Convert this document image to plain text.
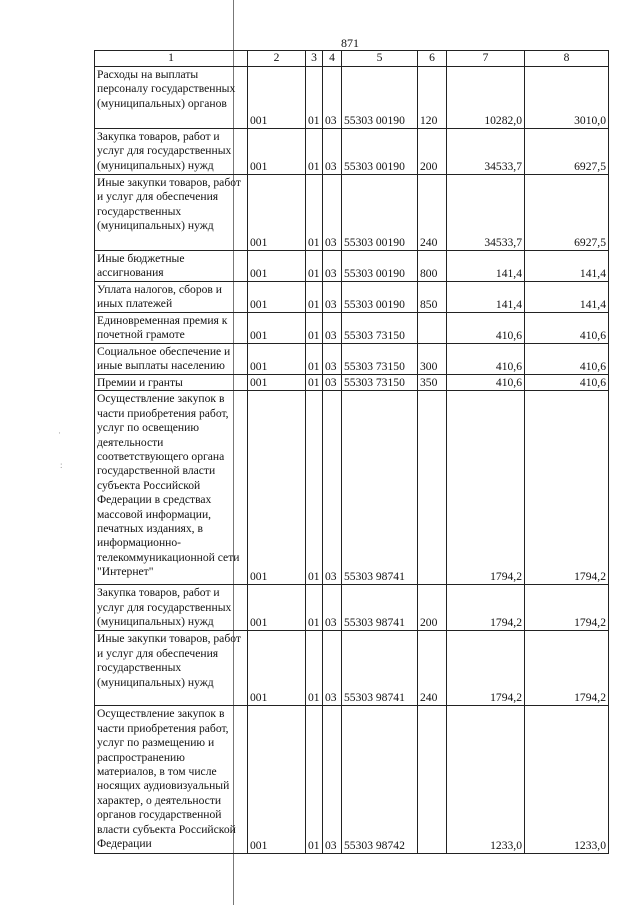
·
:
871
1	2	3	4	5	6	7	8
Расходы на выплаты персоналу государственных (муниципальных) органов	001	01	03	55303 00190	120	10282,0	3010,0
Закупка товаров, работ и услуг для государственных (муниципальных) нужд	001	01	03	55303 00190	200	34533,7	6927,5
Иные закупки товаров, работ и услуг для обеспечения государственных (муниципальных) нужд	001	01	03	55303 00190	240	34533,7	6927,5
Иные бюджетные ассигнования	001	01	03	55303 00190	800	141,4	141,4
Уплата налогов, сборов и иных платежей	001	01	03	55303 00190	850	141,4	141,4
Единовременная премия к почетной грамоте	001	01	03	55303 73150		410,6	410,6
Социальное обеспечение и иные выплаты населению	001	01	03	55303 73150	300	410,6	410,6
Премии и гранты	001	01	03	55303 73150	350	410,6	410,6
Осуществление закупок в части приобретения работ, услуг по освещению деятельности соответствующего органа государственной власти субъекта Российской Федерации в средствах массовой информации, печатных изданиях, в информационно-телекоммуникационной сети "Интернет"	001	01	03	55303 98741		1794,2	1794,2
Закупка товаров, работ и услуг для государственных (муниципальных) нужд	001	01	03	55303 98741	200	1794,2	1794,2
Иные закупки товаров, работ и услуг для обеспечения государственных (муниципальных) нужд	001	01	03	55303 98741	240	1794,2	1794,2
Осуществление закупок в части приобретения работ, услуг по размещению и распространению материалов, в том числе носящих аудиовизуальный характер, о деятельности органов государственной власти субъекта Российской Федерации	001	01	03	55303 98742		1233,0	1233,0
